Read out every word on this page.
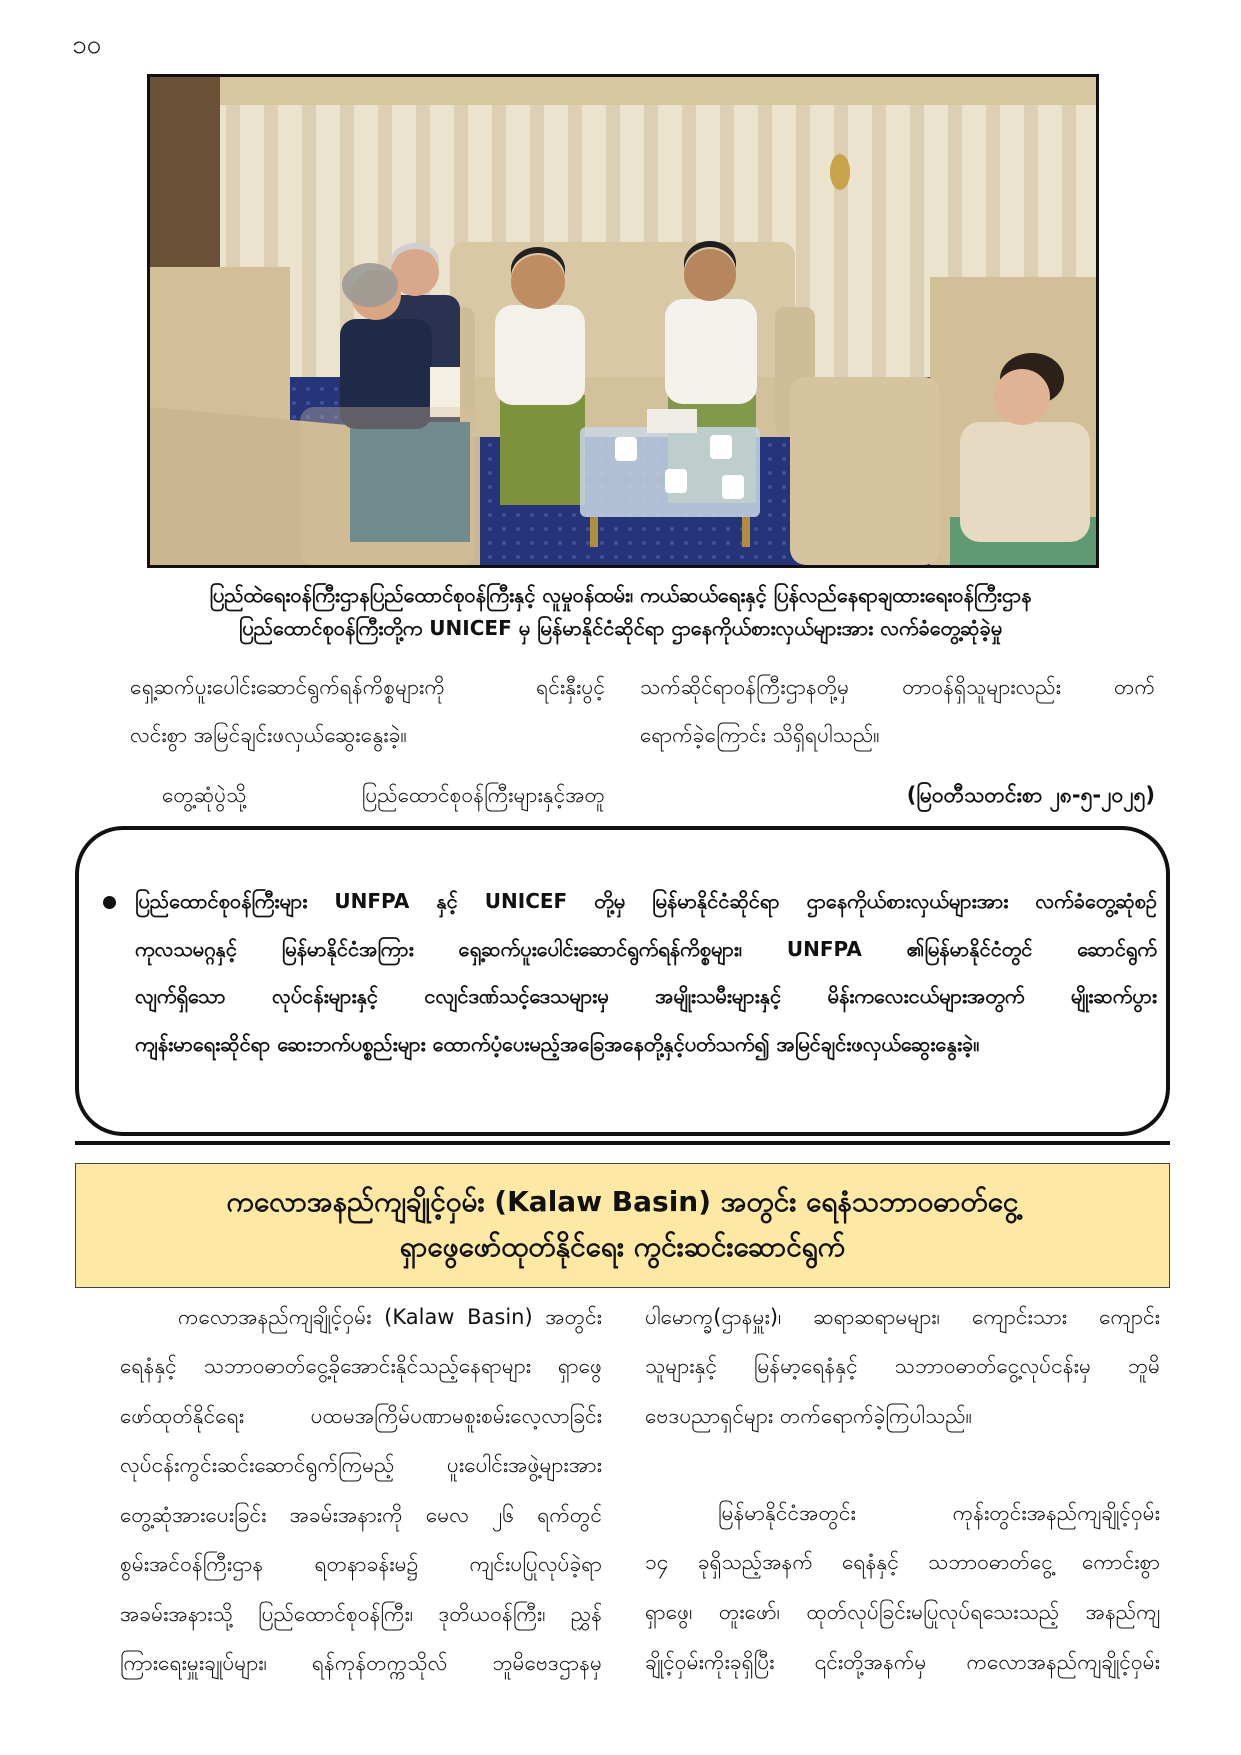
၁၀
ပြည်ထဲရေးဝန်ကြီးဌာနပြည်ထောင်စုဝန်ကြီးနှင့် လူမှုဝန်ထမ်း၊ ကယ်ဆယ်ရေးနှင့် ပြန်လည်နေရာချထားရေးဝန်ကြီးဌာန
ပြည်ထောင်စုဝန်ကြီးတို့က UNICEF မှ မြန်မာနိုင်ငံဆိုင်ရာ ဌာနေကိုယ်စားလှယ်များအား လက်ခံတွေ့ဆုံခဲ့မှု
ရှေ့ဆက်ပူးပေါင်းဆောင်ရွက်ရန်ကိစ္စများကို ရင်းနှီးပွင့်
လင်းစွာ အမြင်ချင်းဖလှယ်ဆွေးနွေးခဲ့။
တွေ့ဆုံပွဲသို့ ပြည်ထောင်စုဝန်ကြီးများနှင့်အတူ
သက်ဆိုင်ရာဝန်ကြီးဌာနတို့မှ တာဝန်ရှိသူများလည်း တက်
ရောက်ခဲ့ကြောင်း သိရှိရပါသည်။
(မြဝတီသတင်းစာ ၂၈-၅-၂၀၂၅)
ပြည်ထောင်စုဝန်ကြီးများ UNFPA နှင့် UNICEF တို့မှ မြန်မာနိုင်ငံဆိုင်ရာ ဌာနေကိုယ်စားလှယ်များအား လက်ခံတွေ့ဆုံစဉ်
ကုလသမဂ္ဂနှင့် မြန်မာနိုင်ငံအကြား ရှေ့ဆက်ပူးပေါင်းဆောင်ရွက်ရန်ကိစ္စများ၊ UNFPA ၏မြန်မာနိုင်ငံတွင် ဆောင်ရွက်
လျက်ရှိသော လုပ်ငန်းများနှင့် ငလျင်ဒဏ်သင့်ဒေသများမှ အမျိုးသမီးများနှင့် မိန်းကလေးငယ်များအတွက် မျိုးဆက်ပွား
ကျန်းမာရေးဆိုင်ရာ ဆေးဘက်ပစ္စည်းများ ထောက်ပံ့ပေးမည့်အခြေအနေတို့နှင့်ပတ်သက်၍ အမြင်ချင်းဖလှယ်ဆွေးနွေးခဲ့။
ကလောအနည်ကျချိုင့်ဝှမ်း (Kalaw Basin) အတွင်း ရေနံသဘာဝဓာတ်ငွေ့
ရှာဖွေဖော်ထုတ်နိုင်ရေး ကွင်းဆင်းဆောင်ရွက်
ကလောအနည်ကျချိုင့်ဝှမ်း (Kalaw Basin) အတွင်း
ရေနံနှင့် သဘာဝဓာတ်ငွေ့ခိုအောင်းနိုင်သည့်နေရာများ ရှာဖွေ
ဖော်ထုတ်နိုင်ရေး ပထမအကြိမ်ပဏာမစူးစမ်းလေ့လာခြင်း
လုပ်ငန်းကွင်းဆင်းဆောင်ရွက်ကြမည့် ပူးပေါင်းအဖွဲ့များအား
တွေ့ဆုံအားပေးခြင်း အခမ်းအနားကို မေလ ၂၆ ရက်တွင်
စွမ်းအင်ဝန်ကြီးဌာန ရတနာခန်းမ၌ ကျင်းပပြုလုပ်ခဲ့ရာ
အခမ်းအနားသို့ ပြည်ထောင်စုဝန်ကြီး၊ ဒုတိယဝန်ကြီး၊ ညွှန်
ကြားရေးမှူးချုပ်များ၊ ရန်ကုန်တက္ကသိုလ် ဘူမိဗေဒဌာနမှ
ပါမောက္ခ(ဌာနမှူး)၊ ဆရာဆရာမများ၊ ကျောင်းသား ကျောင်း
သူများနှင့် မြန်မာ့ရေနံနှင့် သဘာဝဓာတ်ငွေ့လုပ်ငန်းမှ ဘူမိ
ဗေဒပညာရှင်များ တက်ရောက်ခဲ့ကြပါသည်။
မြန်မာနိုင်ငံအတွင်း ကုန်းတွင်းအနည်ကျချိုင့်ဝှမ်း
၁၄ ခုရှိသည့်အနက် ရေနံနှင့် သဘာဝဓာတ်ငွေ့ ကောင်းစွာ
ရှာဖွေ၊ တူးဖော်၊ ထုတ်လုပ်ခြင်းမပြုလုပ်ရသေးသည့် အနည်ကျ
ချိုင့်ဝှမ်းကိုးခုရှိပြီး ၎င်းတို့အနက်မှ ကလောအနည်ကျချိုင့်ဝှမ်း
